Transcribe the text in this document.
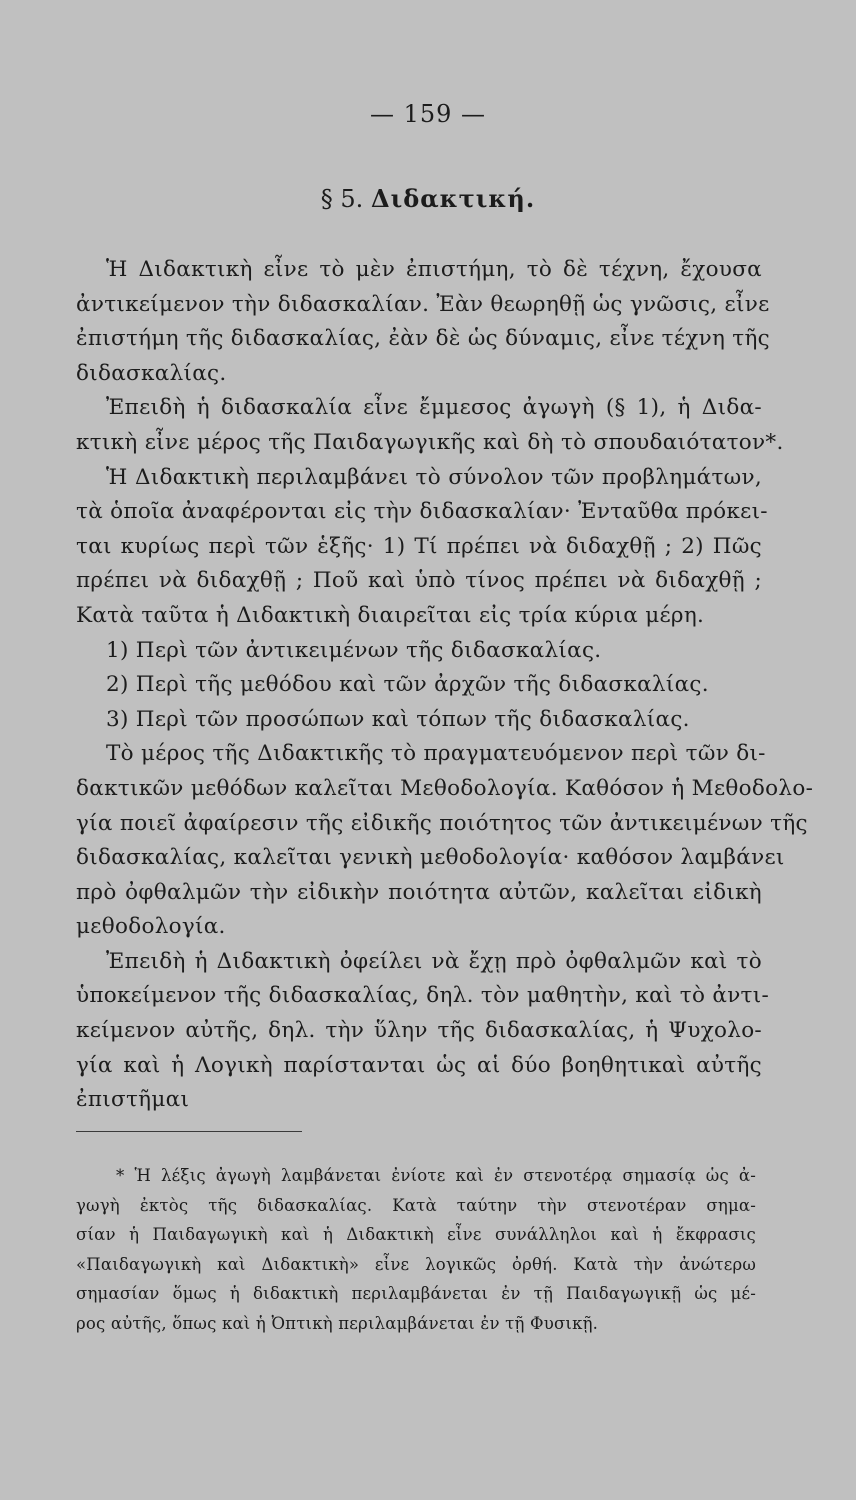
— 159 —
§ 5. Διδακτική.
Ἡ Διδακτικὴ εἶνε τὸ μὲν ἐπιστήμη, τὸ δὲ τέχνη, ἔχουσα
ἀντικείμενον τὴν διδασκαλίαν. Ἐὰν θεωρηθῇ ὡς γνῶσις, εἶνε
ἐπιστήμη τῆς διδασκαλίας, ἐὰν δὲ ὡς δύναμις, εἶνε τέχνη τῆς
διδασκαλίας.
Ἐπειδὴ ἡ διδασκαλία εἶνε ἔμμεσος ἀγωγὴ (§ 1), ἡ Διδα-
κτικὴ εἶνε μέρος τῆς Παιδαγωγικῆς καὶ δὴ τὸ σπουδαιότατον*.
Ἡ Διδακτικὴ περιλαμβάνει τὸ σύνολον τῶν προβλημάτων,
τὰ ὁποῖα ἀναφέρονται εἰς τὴν διδασκαλίαν· Ἐνταῦθα πρόκει-
ται κυρίως περὶ τῶν ἑξῆς· 1) Τί πρέπει νὰ διδαχθῇ ; 2) Πῶς
πρέπει νὰ διδαχθῇ ; Ποῦ καὶ ὑπὸ τίνος πρέπει νὰ διδαχθῇ ;
Κατὰ ταῦτα ἡ Διδακτικὴ διαιρεῖται εἰς τρία κύρια μέρη.
1) Περὶ τῶν ἀντικειμένων τῆς διδασκαλίας.
2) Περὶ τῆς μεθόδου καὶ τῶν ἀρχῶν τῆς διδασκαλίας.
3) Περὶ τῶν προσώπων καὶ τόπων τῆς διδασκαλίας.
Τὸ μέρος τῆς Διδακτικῆς τὸ πραγματευόμενον περὶ τῶν δι-
δακτικῶν μεθόδων καλεῖται Μεθοδολογία. Καθόσον ἡ Μεθοδολο-
γία ποιεῖ ἀφαίρεσιν τῆς εἰδικῆς ποιότητος τῶν ἀντικειμένων τῆς
διδασκαλίας, καλεῖται γενικὴ μεθοδολογία· καθόσον λαμβάνει
πρὸ ὀφθαλμῶν τὴν εἰδικὴν ποιότητα αὐτῶν, καλεῖται εἰδικὴ
μεθοδολογία.
Ἐπειδὴ ἡ Διδακτικὴ ὀφείλει νὰ ἔχῃ πρὸ ὀφθαλμῶν καὶ τὸ
ὑποκείμενον τῆς διδασκαλίας, δηλ. τὸν μαθητὴν, καὶ τὸ ἀντι-
κείμενον αὐτῆς, δηλ. τὴν ὕλην τῆς διδασκαλίας, ἡ Ψυχολο-
γία καὶ ἡ Λογικὴ παρίστανται ὡς αἱ δύο βοηθητικαὶ αὐτῆς
ἐπιστῆμαι
* Ἡ λέξις ἀγωγὴ λαμβάνεται ἐνίοτε καὶ ἐν στενοτέρᾳ σημασίᾳ ὡς ἀ-
γωγὴ ἐκτὸς τῆς διδασκαλίας. Κατὰ ταύτην τὴν στενοτέραν σημα-
σίαν ἡ Παιδαγωγικὴ καὶ ἡ Διδακτικὴ εἶνε συνάλληλοι καὶ ἡ ἔκφρασις
«Παιδαγωγικὴ καὶ Διδακτικὴ» εἶνε λογικῶς ὀρθή. Κατὰ τὴν ἀνώτερω
σημασίαν ὅμως ἡ διδακτικὴ περιλαμβάνεται ἐν τῇ Παιδαγωγικῇ ὡς μέ-
ρος αὐτῆς, ὅπως καὶ ἡ Ὀπτικὴ περιλαμβάνεται ἐν τῇ Φυσικῇ.
